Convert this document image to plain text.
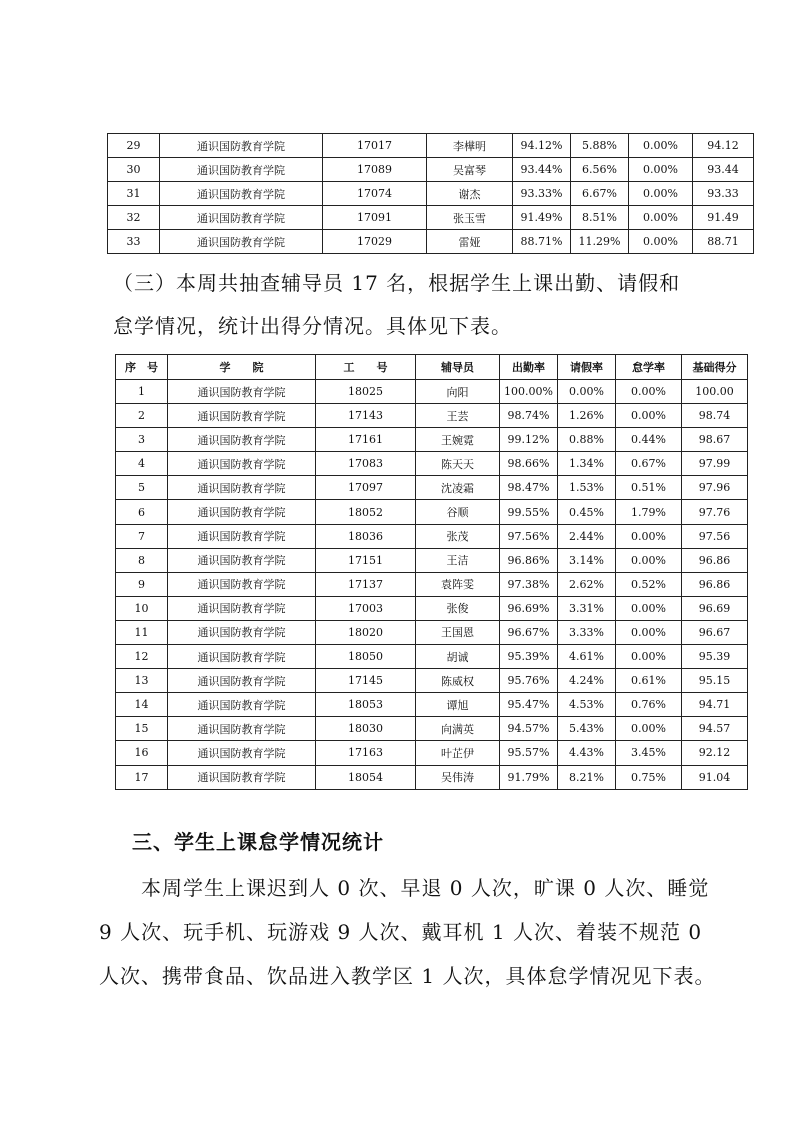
29	通识国防教育学院	17017	李樺明	94.12%	5.88%	0.00%	94.12
30	通识国防教育学院	17089	吴富琴	93.44%	6.56%	0.00%	93.44
31	通识国防教育学院	17074	谢杰	93.33%	6.67%	0.00%	93.33
32	通识国防教育学院	17091	张玉雪	91.49%	8.51%	0.00%	91.49
33	通识国防教育学院	17029	雷娅	88.71%	11.29%	0.00%	88.71

（三）本周共抽查辅导员 17 名，根据学生上课出勤、请假和

怠学情况，统计出得分情况。具体见下表。

序　号	学　　院	工　　号	辅导员	出勤率	请假率	怠学率	基础得分
1	通识国防教育学院	18025	向阳	100.00%	0.00%	0.00%	100.00
2	通识国防教育学院	17143	王芸	98.74%	1.26%	0.00%	98.74
3	通识国防教育学院	17161	王婉霓	99.12%	0.88%	0.44%	98.67
4	通识国防教育学院	17083	陈天天	98.66%	1.34%	0.67%	97.99
5	通识国防教育学院	17097	沈凌霜	98.47%	1.53%	0.51%	97.96
6	通识国防教育学院	18052	谷顺	99.55%	0.45%	1.79%	97.76
7	通识国防教育学院	18036	张茂	97.56%	2.44%	0.00%	97.56
8	通识国防教育学院	17151	王洁	96.86%	3.14%	0.00%	96.86
9	通识国防教育学院	17137	袁阵雯	97.38%	2.62%	0.52%	96.86
10	通识国防教育学院	17003	张俊	96.69%	3.31%	0.00%	96.69
11	通识国防教育学院	18020	王国恩	96.67%	3.33%	0.00%	96.67
12	通识国防教育学院	18050	胡诚	95.39%	4.61%	0.00%	95.39
13	通识国防教育学院	17145	陈威权	95.76%	4.24%	0.61%	95.15
14	通识国防教育学院	18053	谭旭	95.47%	4.53%	0.76%	94.71
15	通识国防教育学院	18030	向满英	94.57%	5.43%	0.00%	94.57
16	通识国防教育学院	17163	叶芷伊	95.57%	4.43%	3.45%	92.12
17	通识国防教育学院	18054	吴伟涛	91.79%	8.21%	0.75%	91.04
三、学生上课怠学情况统计

　　本周学生上课迟到人 0 次、早退 0 人次，旷课 0 人次、睡觉

9 人次、玩手机、玩游戏 9 人次、戴耳机 1 人次、着装不规范 0

人次、携带食品、饮品进入教学区 1 人次，具体怠学情况见下表。
